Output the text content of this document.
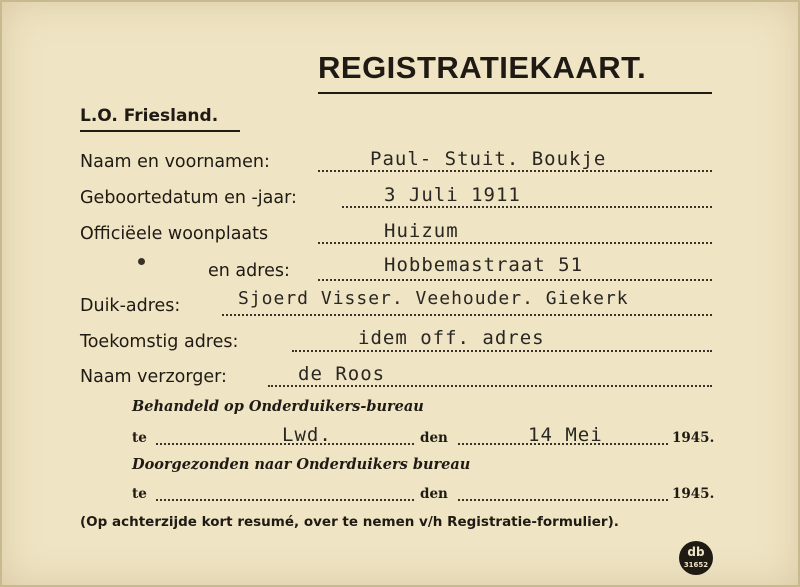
REGISTRATIEKAART.
L.O. Friesland.
Naam en voornamen:	Paul- Stuit. Boukje
Geboortedatum en -jaar:	3 Juli 1911
Officiëele woonplaats	Huizum
en adres:	Hobbemastraat 51
Duik-adres:	Sjoerd Visser. Veehouder. Giekerk
Toekomstig adres:	idem off. adres
Naam verzorger:	de Roos
Behandeld op Onderduikers-bureau
te	Lwd.	den	14 Mei	1945.
Doorgezonden naar Onderduikers bureau
te	den	1945.
(Op achterzijde kort resumé, over te nemen v/h Registratie-formulier).
db
31652
